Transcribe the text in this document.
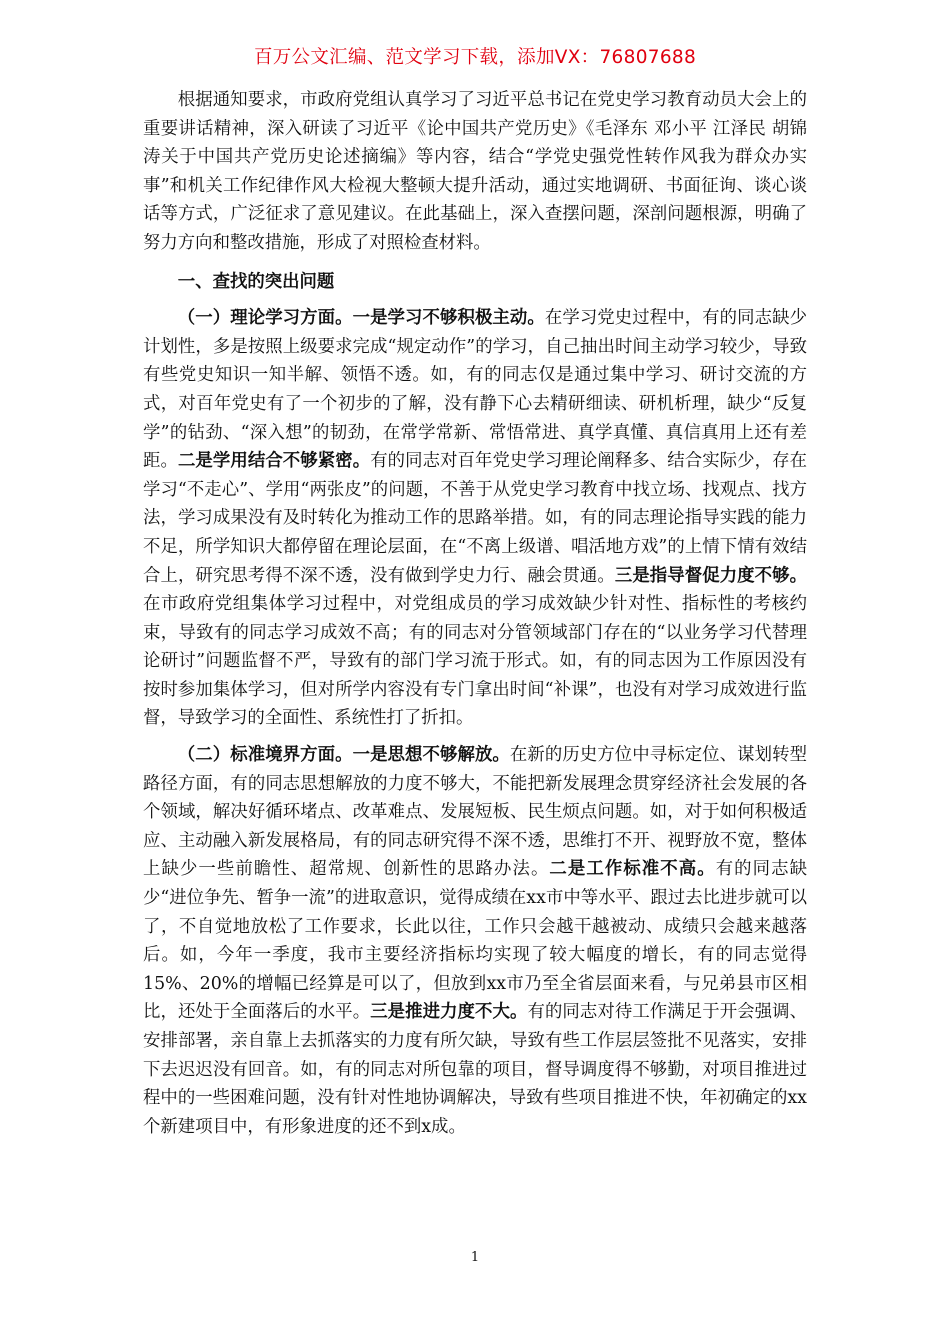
百万公文汇编、范文学习下载，添加VX：76807688

根据通知要求，市政府党组认真学习了习近平总书记在党史学习教育动员大会上的重要讲话精神，深入研读了习近平《论中国共产党历史》《毛泽东 邓小平 江泽民 胡锦涛关于中国共产党历史论述摘编》等内容，结合“学党史强党性转作风我为群众办实事”和机关工作纪律作风大检视大整顿大提升活动，通过实地调研、书面征询、谈心谈话等方式，广泛征求了意见建议。在此基础上，深入查摆问题，深剖问题根源，明确了努力方向和整改措施，形成了对照检查材料。

一、查找的突出问题

（一）理论学习方面。一是学习不够积极主动。在学习党史过程中，有的同志缺少计划性，多是按照上级要求完成“规定动作”的学习，自己抽出时间主动学习较少，导致有些党史知识一知半解、领悟不透。如，有的同志仅是通过集中学习、研讨交流的方式，对百年党史有了一个初步的了解，没有静下心去精研细读、研机析理，缺少“反复学”的钻劲、“深入想”的韧劲，在常学常新、常悟常进、真学真懂、真信真用上还有差距。二是学用结合不够紧密。有的同志对百年党史学习理论阐释多、结合实际少，存在学习“不走心”、学用“两张皮”的问题，不善于从党史学习教育中找立场、找观点、找方法，学习成果没有及时转化为推动工作的思路举措。如，有的同志理论指导实践的能力不足，所学知识大都停留在理论层面，在“不离上级谱、唱活地方戏”的上情下情有效结合上，研究思考得不深不透，没有做到学史力行、融会贯通。三是指导督促力度不够。在市政府党组集体学习过程中，对党组成员的学习成效缺少针对性、指标性的考核约束，导致有的同志学习成效不高；有的同志对分管领域部门存在的“以业务学习代替理论研讨”问题监督不严，导致有的部门学习流于形式。如，有的同志因为工作原因没有按时参加集体学习，但对所学内容没有专门拿出时间“补课”，也没有对学习成效进行监督，导致学习的全面性、系统性打了折扣。

（二）标准境界方面。一是思想不够解放。在新的历史方位中寻标定位、谋划转型路径方面，有的同志思想解放的力度不够大，不能把新发展理念贯穿经济社会发展的各个领域，解决好循环堵点、改革难点、发展短板、民生烦点问题。如，对于如何积极适应、主动融入新发展格局，有的同志研究得不深不透，思维打不开、视野放不宽，整体上缺少一些前瞻性、超常规、创新性的思路办法。二是工作标准不高。有的同志缺少“进位争先、暂争一流”的进取意识，觉得成绩在xx市中等水平、跟过去比进步就可以了，不自觉地放松了工作要求，长此以往，工作只会越干越被动、成绩只会越来越落后。如，今年一季度，我市主要经济指标均实现了较大幅度的增长，有的同志觉得15%、20%的增幅已经算是可以了，但放到xx市乃至全省层面来看，与兄弟县市区相比，还处于全面落后的水平。三是推进力度不大。有的同志对待工作满足于开会强调、安排部署，亲自靠上去抓落实的力度有所欠缺，导致有些工作层层签批不见落实，安排下去迟迟没有回音。如，有的同志对所包靠的项目，督导调度得不够勤，对项目推进过程中的一些困难问题，没有针对性地协调解决，导致有些项目推进不快，年初确定的xx个新建项目中，有形象进度的还不到x成。

1
